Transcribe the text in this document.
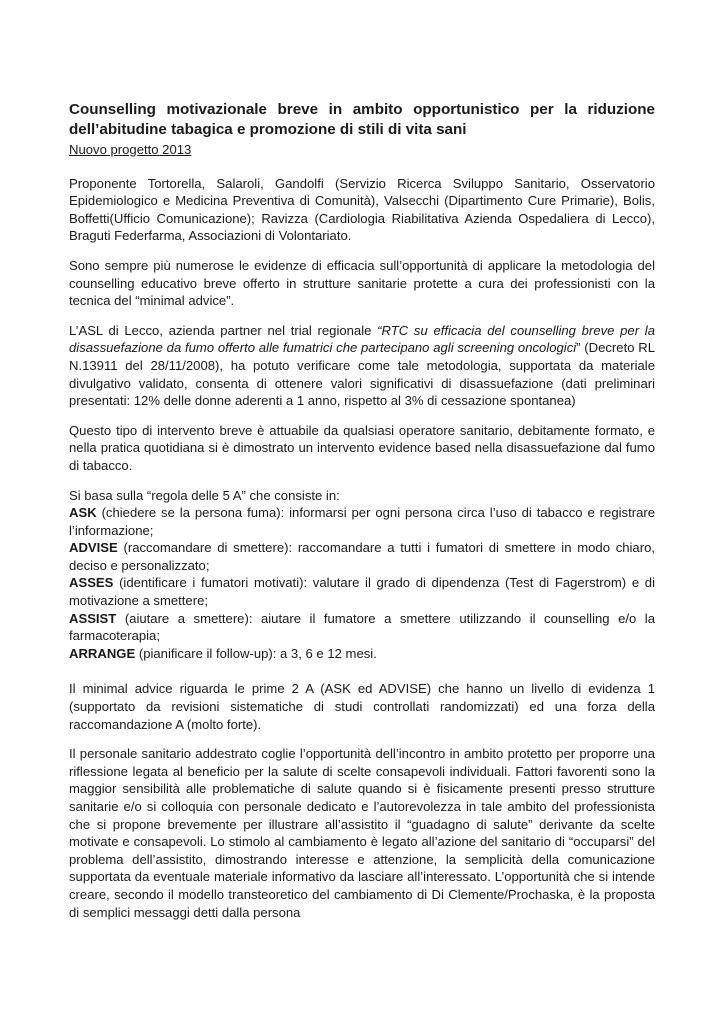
Counselling motivazionale breve in ambito opportunistico per la riduzione dell’abitudine tabagica e promozione di stili di vita sani

Nuovo progetto 2013

Proponente Tortorella, Salaroli, Gandolfi (Servizio Ricerca Sviluppo Sanitario, Osservatorio Epidemiologico e Medicina Preventiva di Comunità), Valsecchi (Dipartimento Cure Primarie), Bolis, Boffetti(Ufficio Comunicazione); Ravizza (Cardiologia Riabilitativa Azienda Ospedaliera di Lecco), Braguti Federfarma, Associazioni di Volontariato.

Sono sempre più numerose le evidenze di efficacia sull’opportunità di applicare la metodologia del counselling educativo breve offerto in strutture sanitarie protette a cura dei professionisti con la tecnica del “minimal advice”.

L’ASL di Lecco, azienda partner nel trial regionale “RTC su efficacia del counselling breve per la disassuefazione da fumo offerto alle fumatrici che partecipano agli screening oncologici” (Decreto RL N.13911 del 28/11/2008), ha potuto verificare come tale metodologia, supportata da materiale divulgativo validato, consenta di ottenere valori significativi di disassuefazione (dati preliminari presentati: 12% delle donne aderenti a 1 anno, rispetto al 3% di cessazione spontanea)

Questo tipo di intervento breve è attuabile da qualsiasi operatore sanitario, debitamente formato, e nella pratica quotidiana si è dimostrato un intervento evidence based nella disassuefazione dal fumo di tabacco.

Si basa sulla “regola delle 5 A” che consiste in:

ASK (chiedere se la persona fuma): informarsi per ogni persona circa l’uso di tabacco e registrare l’informazione;

ADVISE (raccomandare di smettere): raccomandare a tutti i fumatori di smettere in modo chiaro, deciso e personalizzato;

ASSES (identificare i fumatori motivati): valutare il grado di dipendenza (Test di Fagerstrom) e di motivazione a smettere;

ASSIST (aiutare a smettere): aiutare il fumatore a smettere utilizzando il counselling e/o la farmacoterapia;

ARRANGE (pianificare il follow-up): a 3, 6 e 12 mesi.

Il minimal advice riguarda le prime 2 A (ASK ed ADVISE) che hanno un livello di evidenza 1 (supportato da revisioni sistematiche di studi controllati randomizzati) ed una forza della raccomandazione A (molto forte).

Il personale sanitario addestrato coglie l’opportunità dell’incontro in ambito protetto per proporre una riflessione legata al beneficio per la salute di scelte consapevoli individuali. Fattori favorenti sono la maggior sensibilità alle problematiche di salute quando si è fisicamente presenti presso strutture sanitarie e/o si colloquia con personale dedicato e l’autorevolezza in tale ambito del professionista che si propone brevemente per illustrare all’assistito il “guadagno di salute” derivante da scelte motivate e consapevoli. Lo stimolo al cambiamento è legato all’azione del sanitario di “occuparsi” del problema dell’assistito, dimostrando interesse e attenzione, la semplicità della comunicazione supportata da eventuale materiale informativo da lasciare all’interessato. L’opportunità che si intende creare, secondo il modello transteoretico del cambiamento di Di Clemente/Prochaska, è la proposta di semplici messaggi detti dalla persona
